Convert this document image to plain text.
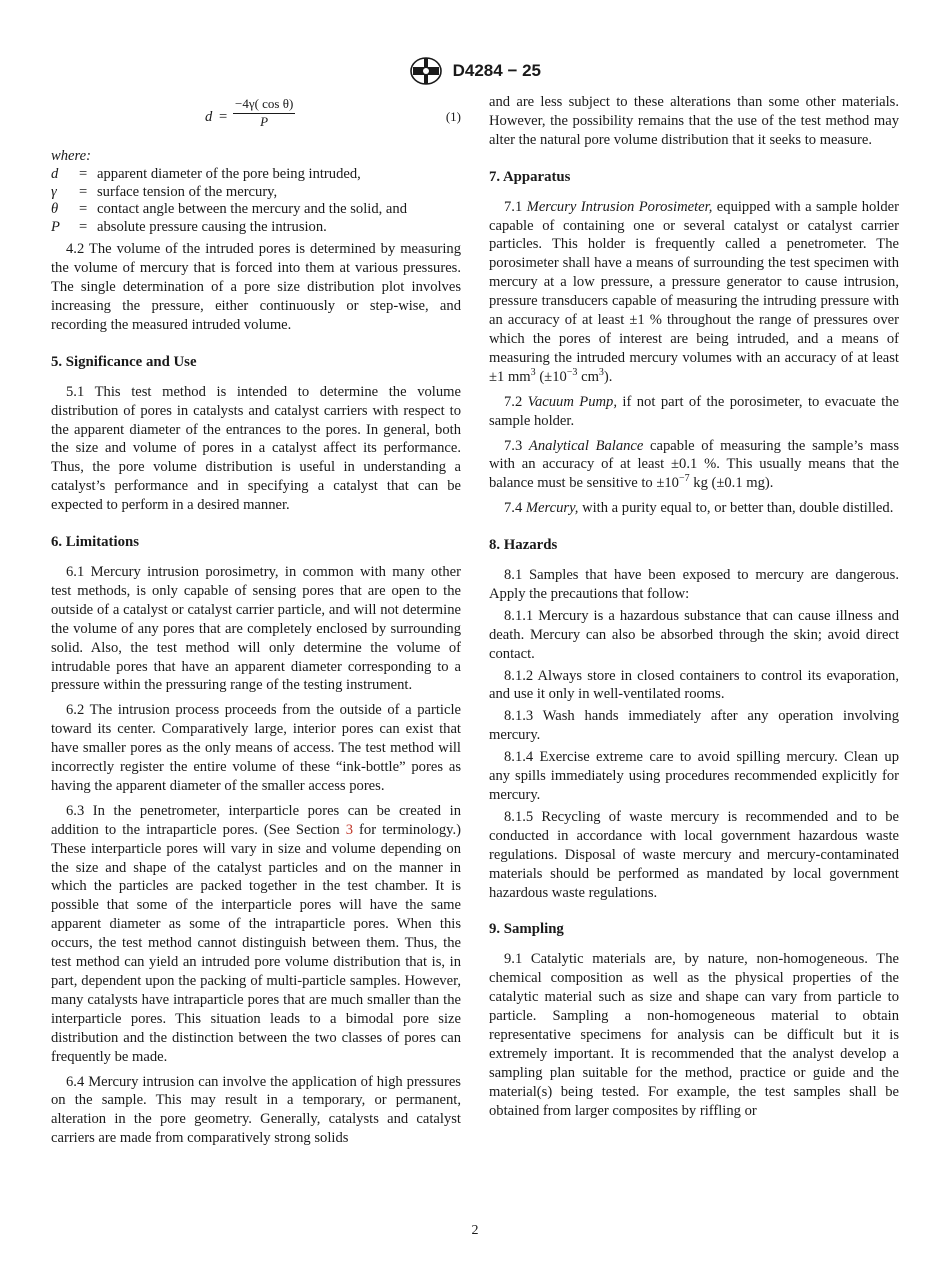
D4284 − 25
$d = \frac{\text{−4γ( cos θ)}}{P}$	(1)

where:

d	=	apparent diameter of the pore being intruded,
γ	=	surface tension of the mercury,
θ	=	contact angle between the mercury and the solid, and
P	=	absolute pressure causing the intrusion.

4.2 The volume of the intruded pores is determined by measuring the volume of mercury that is forced into them at various pressures. The single determination of a pore size distribution plot involves increasing the pressure, either continuously or step-wise, and recording the measured intruded volume.

5. Significance and Use

5.1 This test method is intended to determine the volume distribution of pores in catalysts and catalyst carriers with respect to the apparent diameter of the entrances to the pores. In general, both the size and volume of pores in a catalyst affect its performance. Thus, the pore volume distribution is useful in understanding a catalyst’s performance and in specifying a catalyst that can be expected to perform in a desired manner.

6. Limitations

6.1 Mercury intrusion porosimetry, in common with many other test methods, is only capable of sensing pores that are open to the outside of a catalyst or catalyst carrier particle, and will not determine the volume of any pores that are completely enclosed by surrounding solid. Also, the test method will only determine the volume of intrudable pores that have an apparent diameter corresponding to a pressure within the pressuring range of the testing instrument.

6.2 The intrusion process proceeds from the outside of a particle toward its center. Comparatively large, interior pores can exist that have smaller pores as the only means of access. The test method will incorrectly register the entire volume of these “ink-bottle” pores as having the apparent diameter of the smaller access pores.

6.3 In the penetrometer, interparticle pores can be created in addition to the intraparticle pores. (See Section 3 for terminology.) These interparticle pores will vary in size and volume depending on the size and shape of the catalyst particles and on the manner in which the particles are packed together in the test chamber. It is possible that some of the interparticle pores will have the same apparent diameter as some of the intraparticle pores. When this occurs, the test method cannot distinguish between them. Thus, the test method can yield an intruded pore volume distribution that is, in part, dependent upon the packing of multi-particle samples. However, many catalysts have intraparticle pores that are much smaller than the interparticle pores. This situation leads to a bimodal pore size distribution and the distinction between the two classes of pores can frequently be made.

6.4 Mercury intrusion can involve the application of high pressures on the sample. This may result in a temporary, or permanent, alteration in the pore geometry. Generally, catalysts and catalyst carriers are made from comparatively strong solids

and are less subject to these alterations than some other materials. However, the possibility remains that the use of the test method may alter the natural pore volume distribution that it seeks to measure.

7. Apparatus

7.1 Mercury Intrusion Porosimeter, equipped with a sample holder capable of containing one or several catalyst or catalyst carrier particles. This holder is frequently called a penetrometer. The porosimeter shall have a means of surrounding the test specimen with mercury at a low pressure, a pressure generator to cause intrusion, pressure transducers capable of measuring the intruding pressure with an accuracy of at least ±1 % throughout the range of pressures over which the pores of interest are being intruded, and a means of measuring the intruded mercury volumes with an accuracy of at least ±1 $mm^3$ ($\pm 10^{-3}$ $cm^3$).

7.2 Vacuum Pump, if not part of the porosimeter, to evacuate the sample holder.

7.3 Analytical Balance capable of measuring the sample’s mass with an accuracy of at least ±0.1 %. This usually means that the balance must be sensitive to $\pm 10^{-7}$ kg (±0.1 mg).

7.4 Mercury, with a purity equal to, or better than, double distilled.

8. Hazards

8.1 Samples that have been exposed to mercury are dangerous. Apply the precautions that follow:

8.1.1 Mercury is a hazardous substance that can cause illness and death. Mercury can also be absorbed through the skin; avoid direct contact.

8.1.2 Always store in closed containers to control its evaporation, and use it only in well-ventilated rooms.

8.1.3 Wash hands immediately after any operation involving mercury.

8.1.4 Exercise extreme care to avoid spilling mercury. Clean up any spills immediately using procedures recommended explicitly for mercury.

8.1.5 Recycling of waste mercury is recommended and to be conducted in accordance with local government hazardous waste regulations. Disposal of waste mercury and mercury-contaminated materials should be performed as mandated by local government hazardous waste regulations.

9. Sampling

9.1 Catalytic materials are, by nature, non-homogeneous. The chemical composition as well as the physical properties of the catalytic material such as size and shape can vary from particle to particle. Sampling a non-homogeneous material to obtain representative specimens for analysis can be difficult but it is extremely important. It is recommended that the analyst develop a sampling plan suitable for the method, practice or guide and the material(s) being tested. For example, the test samples shall be obtained from larger composites by riffling or

2
